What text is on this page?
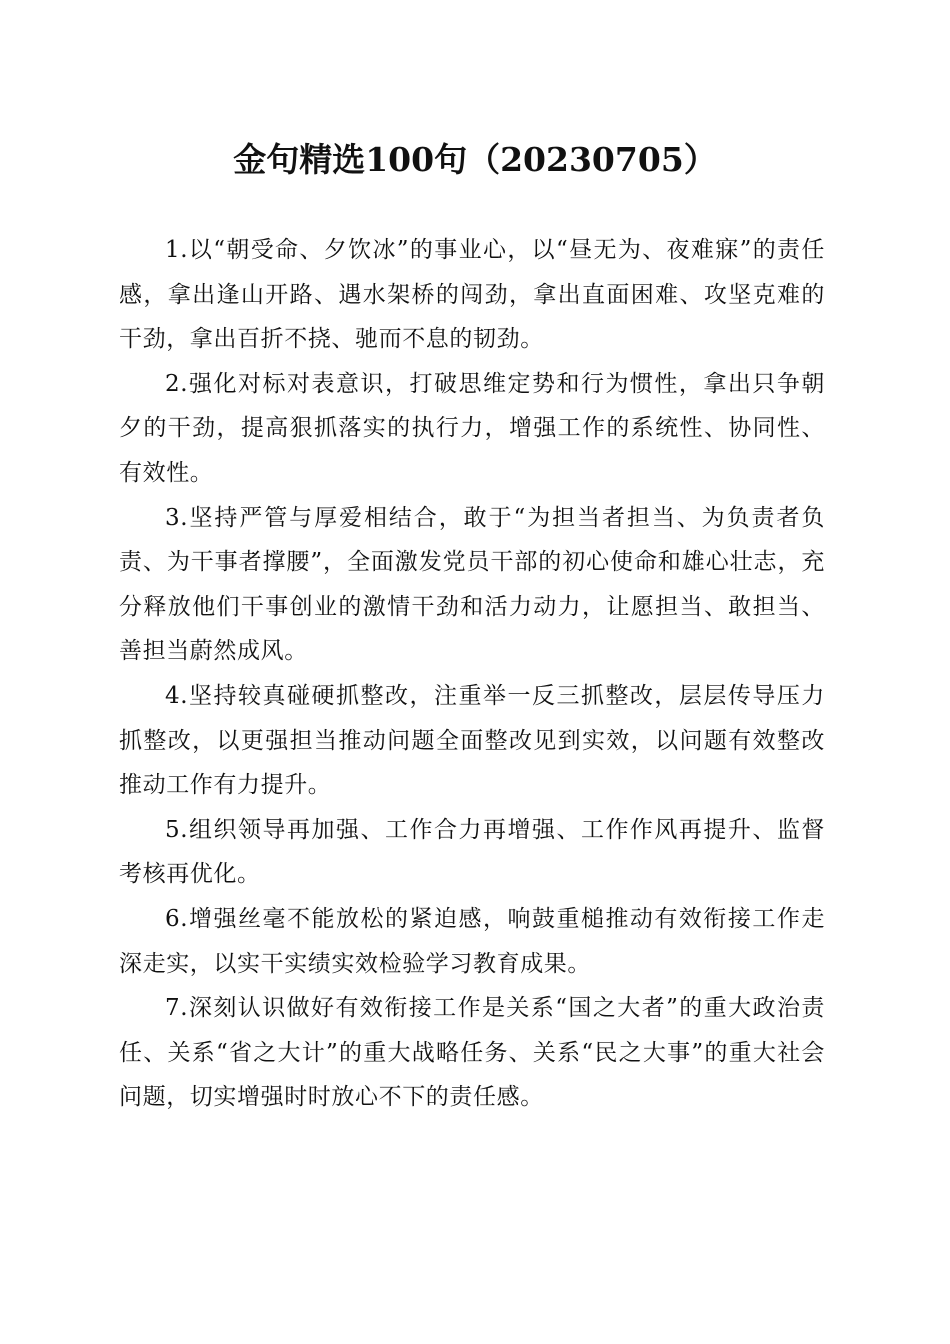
金句精选100句（20230705）

1.以“朝受命、夕饮冰”的事业心，以“昼无为、夜难寐”的责任感，拿出逢山开路、遇水架桥的闯劲，拿出直面困难、攻坚克难的干劲，拿出百折不挠、驰而不息的韧劲。

2.强化对标对表意识，打破思维定势和行为惯性，拿出只争朝夕的干劲，提高狠抓落实的执行力，增强工作的系统性、协同性、有效性。

3.坚持严管与厚爱相结合，敢于“为担当者担当、为负责者负责、为干事者撑腰”，全面激发党员干部的初心使命和雄心壮志，充分释放他们干事创业的激情干劲和活力动力，让愿担当、敢担当、善担当蔚然成风。

4.坚持较真碰硬抓整改，注重举一反三抓整改，层层传导压力抓整改，以更强担当推动问题全面整改见到实效，以问题有效整改推动工作有力提升。

5.组织领导再加强、工作合力再增强、工作作风再提升、监督考核再优化。

6.增强丝毫不能放松的紧迫感，响鼓重槌推动有效衔接工作走深走实，以实干实绩实效检验学习教育成果。

7.深刻认识做好有效衔接工作是关系“国之大者”的重大政治责任、关系“省之大计”的重大战略任务、关系“民之大事”的重大社会问题，切实增强时时放心不下的责任感。
